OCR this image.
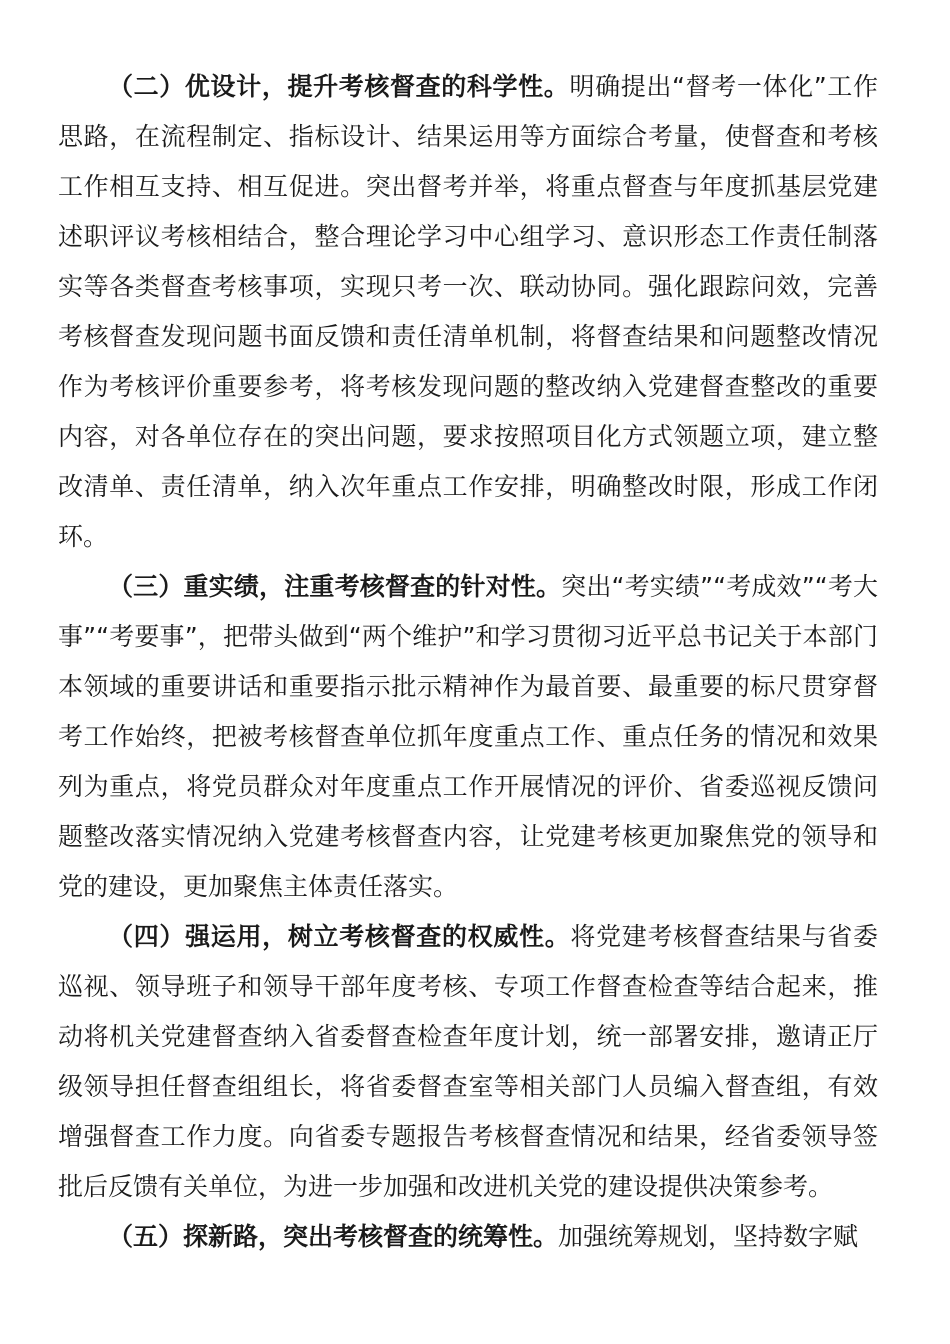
（二）优设计，提升考核督查的科学性。明确提出“督考一体化”工作思路，在流程制定、指标设计、结果运用等方面综合考量，使督查和考核工作相互支持、相互促进。突出督考并举，将重点督查与年度抓基层党建述职评议考核相结合，整合理论学习中心组学习、意识形态工作责任制落实等各类督查考核事项，实现只考一次、联动协同。强化跟踪问效，完善考核督查发现问题书面反馈和责任清单机制，将督查结果和问题整改情况作为考核评价重要参考，将考核发现问题的整改纳入党建督查整改的重要内容，对各单位存在的突出问题，要求按照项目化方式领题立项，建立整改清单、责任清单，纳入次年重点工作安排，明确整改时限，形成工作闭环。

（三）重实绩，注重考核督查的针对性。突出“考实绩”“考成效”“考大事”“考要事”，把带头做到“两个维护”和学习贯彻习近平总书记关于本部门本领域的重要讲话和重要指示批示精神作为最首要、最重要的标尺贯穿督考工作始终，把被考核督查单位抓年度重点工作、重点任务的情况和效果列为重点，将党员群众对年度重点工作开展情况的评价、省委巡视反馈问题整改落实情况纳入党建考核督查内容，让党建考核更加聚焦党的领导和党的建设，更加聚焦主体责任落实。

（四）强运用，树立考核督查的权威性。将党建考核督查结果与省委巡视、领导班子和领导干部年度考核、专项工作督查检查等结合起来，推动将机关党建督查纳入省委督查检查年度计划，统一部署安排，邀请正厅级领导担任督查组组长，将省委督查室等相关部门人员编入督查组，有效增强督查工作力度。向省委专题报告考核督查情况和结果，经省委领导签批后反馈有关单位，为进一步加强和改进机关党的建设提供决策参考。

（五）探新路，突出考核督查的统筹性。加强统筹规划，坚持数字赋
